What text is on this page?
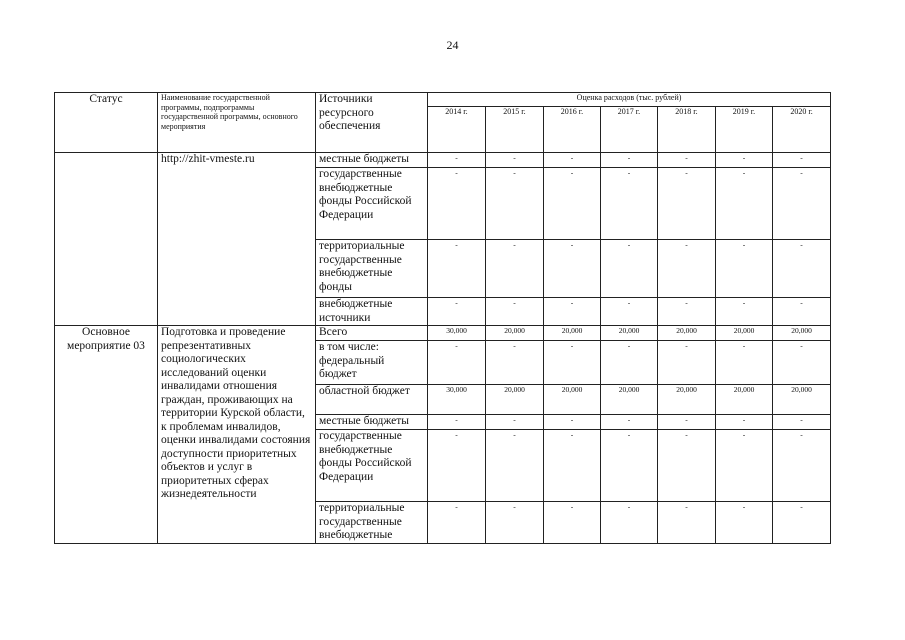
24
Статус	Наименование государственной программы, подпрограммы государственной программы, основного мероприятия	Источники ресурсного обеспечения	Оценка расходов (тыс. рублей)						
			2014 г.	2015 г.	2016 г.	2017 г.	2018 г.	2019 г.	2020 г.
	http://zhit-vmeste.ru	местные бюджеты	-	-	-	-	-	-	-
		государственные внебюджетные фонды Российской Федерации	-	-	-	-	-	-	-
		территориальные государственные внебюджетные фонды	-	-	-	-	-	-	-
		внебюджетные источники	-	-	-	-	-	-	-
Основное мероприятие 03	Подготовка и проведение репрезентативных социологических исследований оценки инвалидами отношения граждан, проживающих на территории Курской области, к проблемам инвалидов, оценки инвалидами состояния доступности приоритетных объектов и услуг в приоритетных сферах жизнедеятельности	Всего	30,000	20,000	20,000	20,000	20,000	20,000	20,000
		в том числе: федеральный бюджет	-	-	-	-	-	-	-
		областной бюджет	30,000	20,000	20,000	20,000	20,000	20,000	20,000
		местные бюджеты	-	-	-	-	-	-	-
		государственные внебюджетные фонды Российской Федерации	-	-	-	-	-	-	-
		территориальные государственные внебюджетные	-	-	-	-	-	-	-
